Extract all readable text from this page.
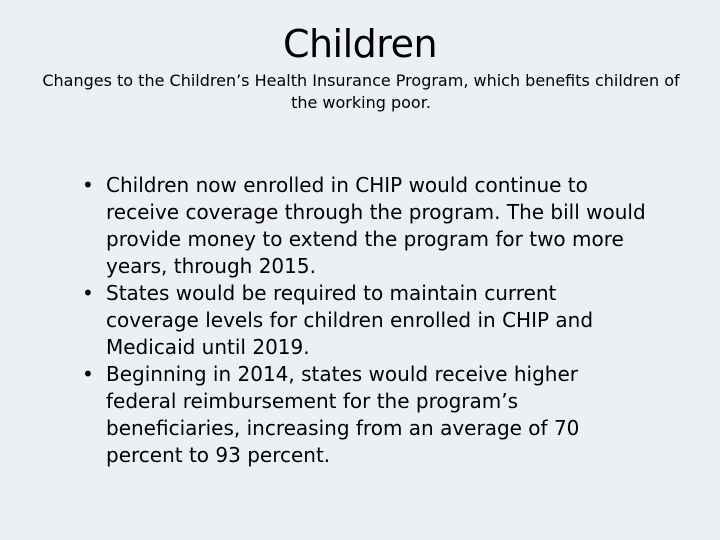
Children

Changes to the Children’s Health Insurance Program, which benefits children of the working poor.

• Children now enrolled in CHIP would continue to receive coverage through the program. The bill would provide money to extend the program for two more years, through 2015.
• States would be required to maintain current coverage levels for children enrolled in CHIP and Medicaid until 2019.
• Beginning in 2014, states would receive higher federal reimbursement for the program’s beneficiaries, increasing from an average of 70 percent to 93 percent.
